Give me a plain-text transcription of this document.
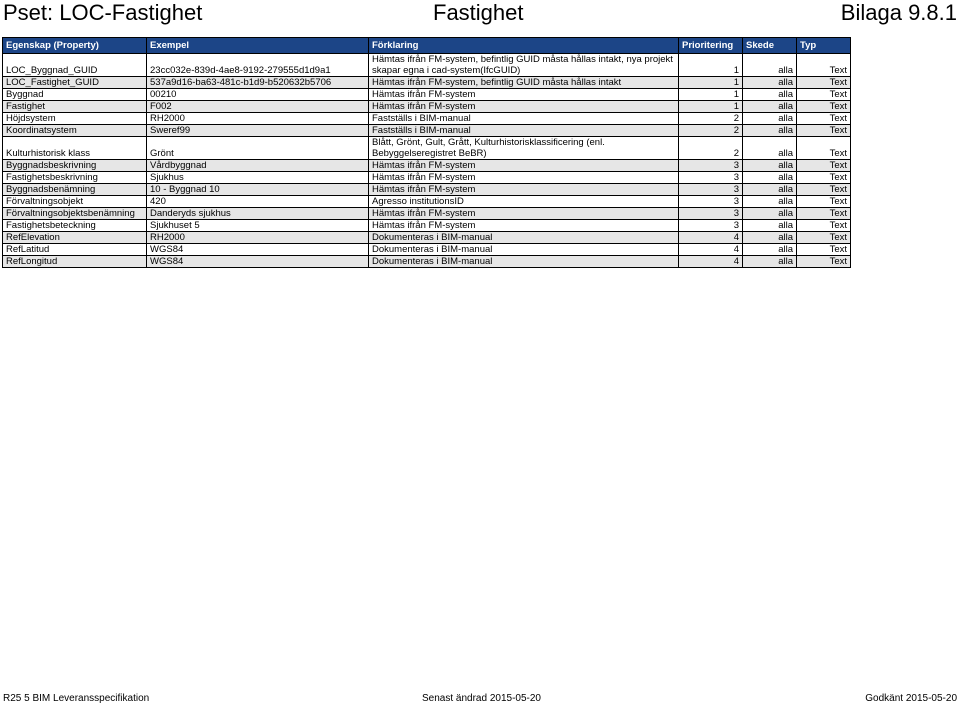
Pset: LOC-Fastighet	Fastighet	Bilaga 9.8.1
Egenskap (Property)	Exempel	Förklaring	Prioritering	Skede	Typ
LOC_Byggnad_GUID	23cc032e-839d-4ae8-9192-279555d1d9a1	Hämtas ifrån FM-system, befintlig GUID måsta hållas intakt, nya projekt skapar egna i cad-system(IfcGUID)	1	alla	Text
LOC_Fastighet_GUID	537a9d16-ba63-481c-b1d9-b520632b5706	Hämtas ifrån FM-system, befintlig GUID måsta hållas intakt	1	alla	Text
Byggnad	00210	Hämtas ifrån FM-system	1	alla	Text
Fastighet	F002	Hämtas ifrån FM-system	1	alla	Text
Höjdsystem	RH2000	Fastställs i BIM-manual	2	alla	Text
Koordinatsystem	Sweref99	Fastställs i BIM-manual	2	alla	Text
Kulturhistorisk klass	Grönt	Blått, Grönt, Gult, Grått, Kulturhistorisklassificering (enl. Bebyggelseregistret BeBR)	2	alla	Text
Byggnadsbeskrivning	Vårdbyggnad	Hämtas ifrån FM-system	3	alla	Text
Fastighetsbeskrivning	Sjukhus	Hämtas ifrån FM-system	3	alla	Text
Byggnadsbenämning	10 - Byggnad 10	Hämtas ifrån FM-system	3	alla	Text
Förvaltningsobjekt	420	Agresso institutionsID	3	alla	Text
Förvaltningsobjektsbenämning	Danderyds sjukhus	Hämtas ifrån FM-system	3	alla	Text
Fastighetsbeteckning	Sjukhuset 5	Hämtas ifrån FM-system	3	alla	Text
RefElevation	RH2000	Dokumenteras i BIM-manual	4	alla	Text
RefLatitud	WGS84	Dokumenteras i BIM-manual	4	alla	Text
RefLongitud	WGS84	Dokumenteras i BIM-manual	4	alla	Text
R25 5 BIM Leveransspecifikation	Senast ändrad 2015-05-20	Godkänt 2015-05-20
